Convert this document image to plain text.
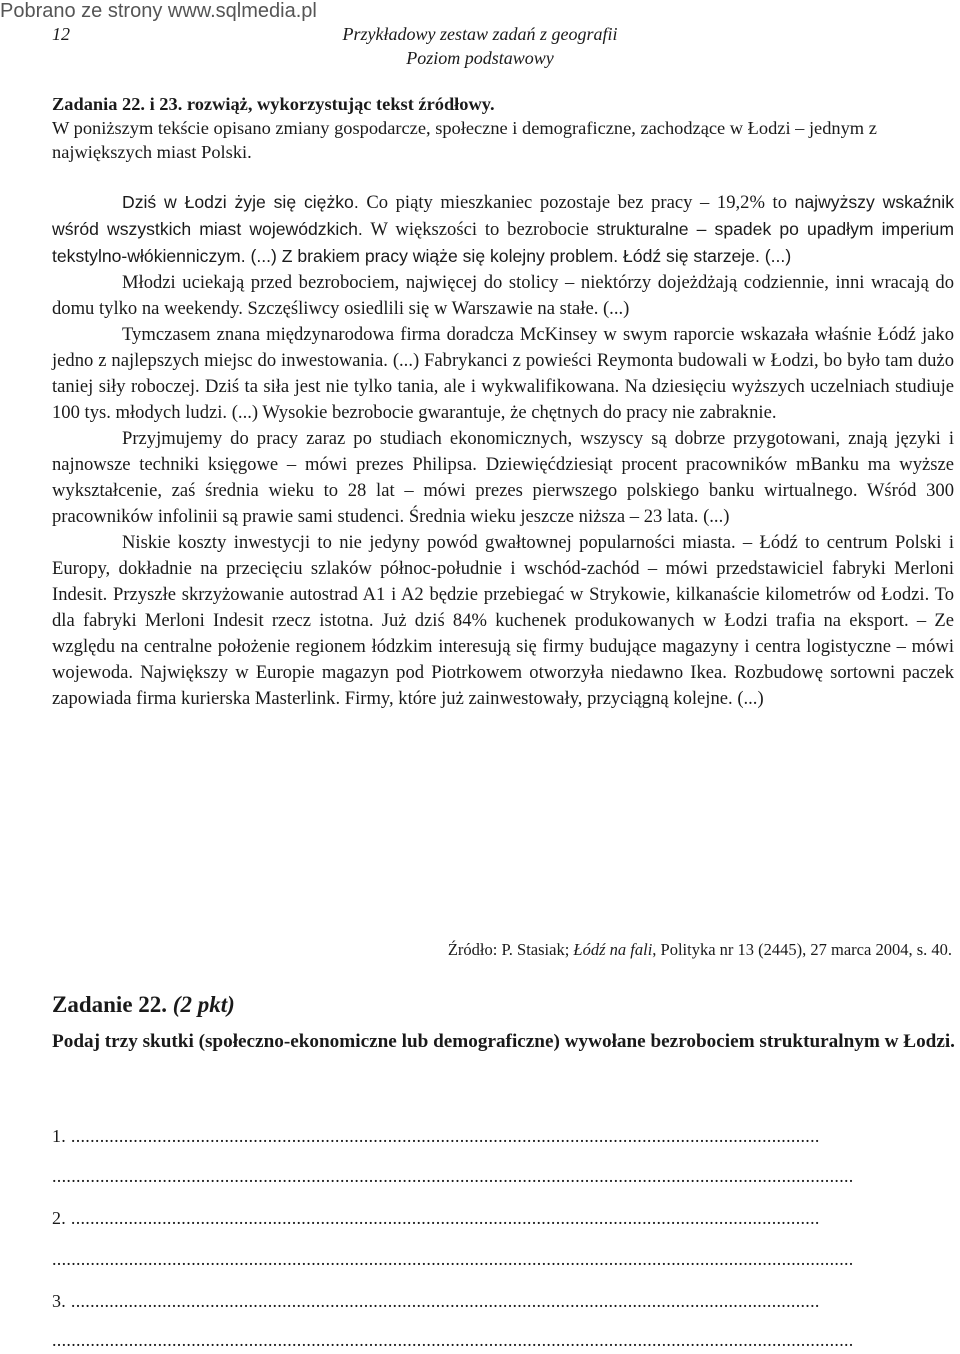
Pobrano ze strony www.sqlmedia.pl
12	Przykładowy zestaw zadań z geografii
Poziom podstawowy
Zadania 22. i 23. rozwiąż, wykorzystując tekst źródłowy.
W poniższym tekście opisano zmiany gospodarcze, społeczne i demograficzne, zachodzące w Łodzi – jednym z największych miast Polski.

Dziś w Łodzi żyje się ciężko. Co piąty mieszkaniec pozostaje bez pracy – 19,2% to najwyższy wskaźnik wśród wszystkich miast wojewódzkich. W większości to bezrobocie strukturalne – spadek po upadłym imperium tekstylno-włókienniczym. (...) Z brakiem pracy wiąże się kolejny problem. Łódź się starzeje. (...)

Młodzi uciekają przed bezrobociem, najwięcej do stolicy – niektórzy dojeżdżają codziennie, inni wracają do domu tylko na weekendy. Szczęśliwcy osiedlili się w Warszawie na stałe. (...)

Tymczasem znana międzynarodowa firma doradcza McKinsey w swym raporcie wskazała właśnie Łódź jako jedno z najlepszych miejsc do inwestowania. (...) Fabrykanci z powieści Reymonta budowali w Łodzi, bo było tam dużo taniej siły roboczej. Dziś ta siła jest nie tylko tania, ale i wykwalifikowana. Na dziesięciu wyższych uczelniach studiuje 100 tys. młodych ludzi. (...) Wysokie bezrobocie gwarantuje, że chętnych do pracy nie zabraknie.

Przyjmujemy do pracy zaraz po studiach ekonomicznych, wszyscy są dobrze przygotowani, znają języki i najnowsze techniki księgowe – mówi prezes Philipsa. Dziewięćdziesiąt procent pracowników mBanku ma wyższe wykształcenie, zaś średnia wieku to 28 lat – mówi prezes pierwszego polskiego banku wirtualnego. Wśród 300 pracowników infolinii są prawie sami studenci. Średnia wieku jeszcze niższa – 23 lata. (...)

Niskie koszty inwestycji to nie jedyny powód gwałtownej popularności miasta. – Łódź to centrum Polski i Europy, dokładnie na przecięciu szlaków północ-południe i wschód-zachód – mówi przedstawiciel fabryki Merloni Indesit. Przyszłe skrzyżowanie autostrad A1 i A2 będzie przebiegać w Strykowie, kilkanaście kilometrów od Łodzi. To dla fabryki Merloni Indesit rzecz istotna. Już dziś 84% kuchenek produkowanych w Łodzi trafia na eksport. – Ze względu na centralne położenie regionem łódzkim interesują się firmy budujące magazyny i centra logistyczne – mówi wojewoda. Największy w Europie magazyn pod Piotrkowem otworzyła niedawno Ikea. Rozbudowę sortowni paczek zapowiada firma kurierska Masterlink. Firmy, które już zainwestowały, przyciągną kolejne. (...)

Źródło: P. Stasiak; Łódź na fali, Polityka nr 13 (2445), 27 marca 2004, s. 40.
Zadanie 22. (2 pkt)
Podaj trzy skutki (społeczno-ekonomiczne lub demograficzne) wywołane bezrobociem strukturalnym w Łodzi.
1. ............................................................................................................................................................
.......................................................................................................................................................................
2. ............................................................................................................................................................
.......................................................................................................................................................................
3. ............................................................................................................................................................
.......................................................................................................................................................................
